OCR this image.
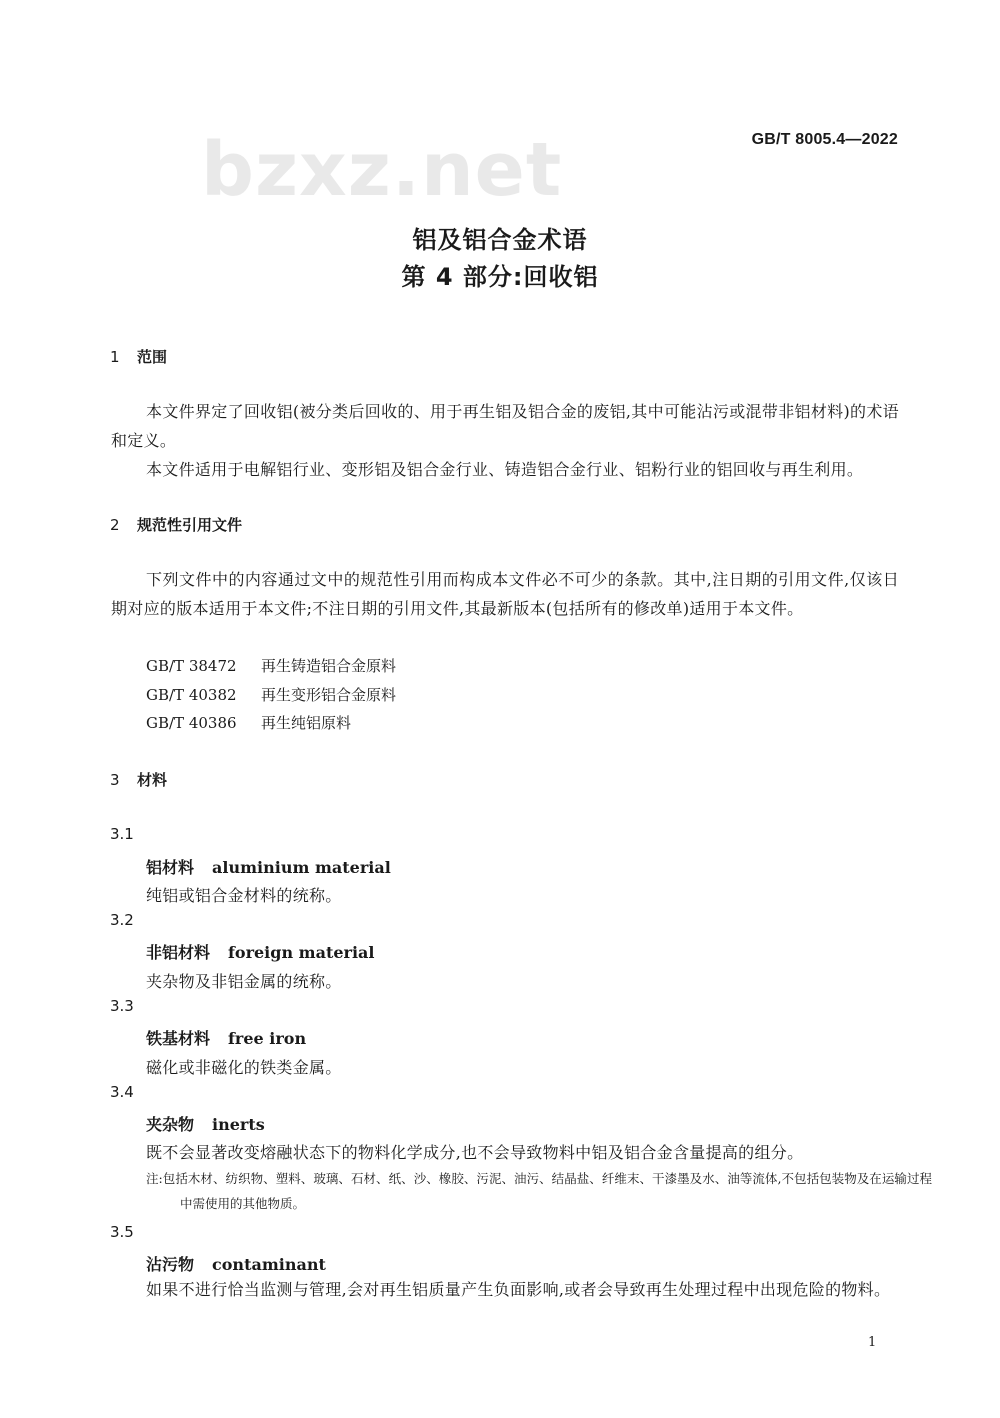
bzxz.net	GB/T 8005.4—2022
铝及铝合金术语
第 4 部分:回收铝
1 范围
本文件界定了回收铝(被分类后回收的、用于再生铝及铝合金的废铝,其中可能沾污或混带非铝材料)的术语和定义。
本文件适用于电解铝行业、变形铝及铝合金行业、铸造铝合金行业、铝粉行业的铝回收与再生利用。
2 规范性引用文件
下列文件中的内容通过文中的规范性引用而构成本文件必不可少的条款。其中,注日期的引用文件,仅该日期对应的版本适用于本文件;不注日期的引用文件,其最新版本(包括所有的修改单)适用于本文件。
GB/T 38472 再生铸造铝合金原料
GB/T 40382 再生变形铝合金原料
GB/T 40386 再生纯铝原料
3 材料
3.1
铝材料 aluminium material
纯铝或铝合金材料的统称。
3.2
非铝材料 foreign material
夹杂物及非铝金属的统称。
3.3
铁基材料 free iron
磁化或非磁化的铁类金属。
3.4
夹杂物 inerts
既不会显著改变熔融状态下的物料化学成分,也不会导致物料中铝及铝合金含量提高的组分。
注:包括木材、纺织物、塑料、玻璃、石材、纸、沙、橡胶、污泥、油污、结晶盐、纤维末、干漆墨及水、油等流体,不包括包装物及在运输过程中需使用的其他物质。
3.5
沾污物 contaminant
如果不进行恰当监测与管理,会对再生铝质量产生负面影响,或者会导致再生处理过程中出现危险的物料。
1
